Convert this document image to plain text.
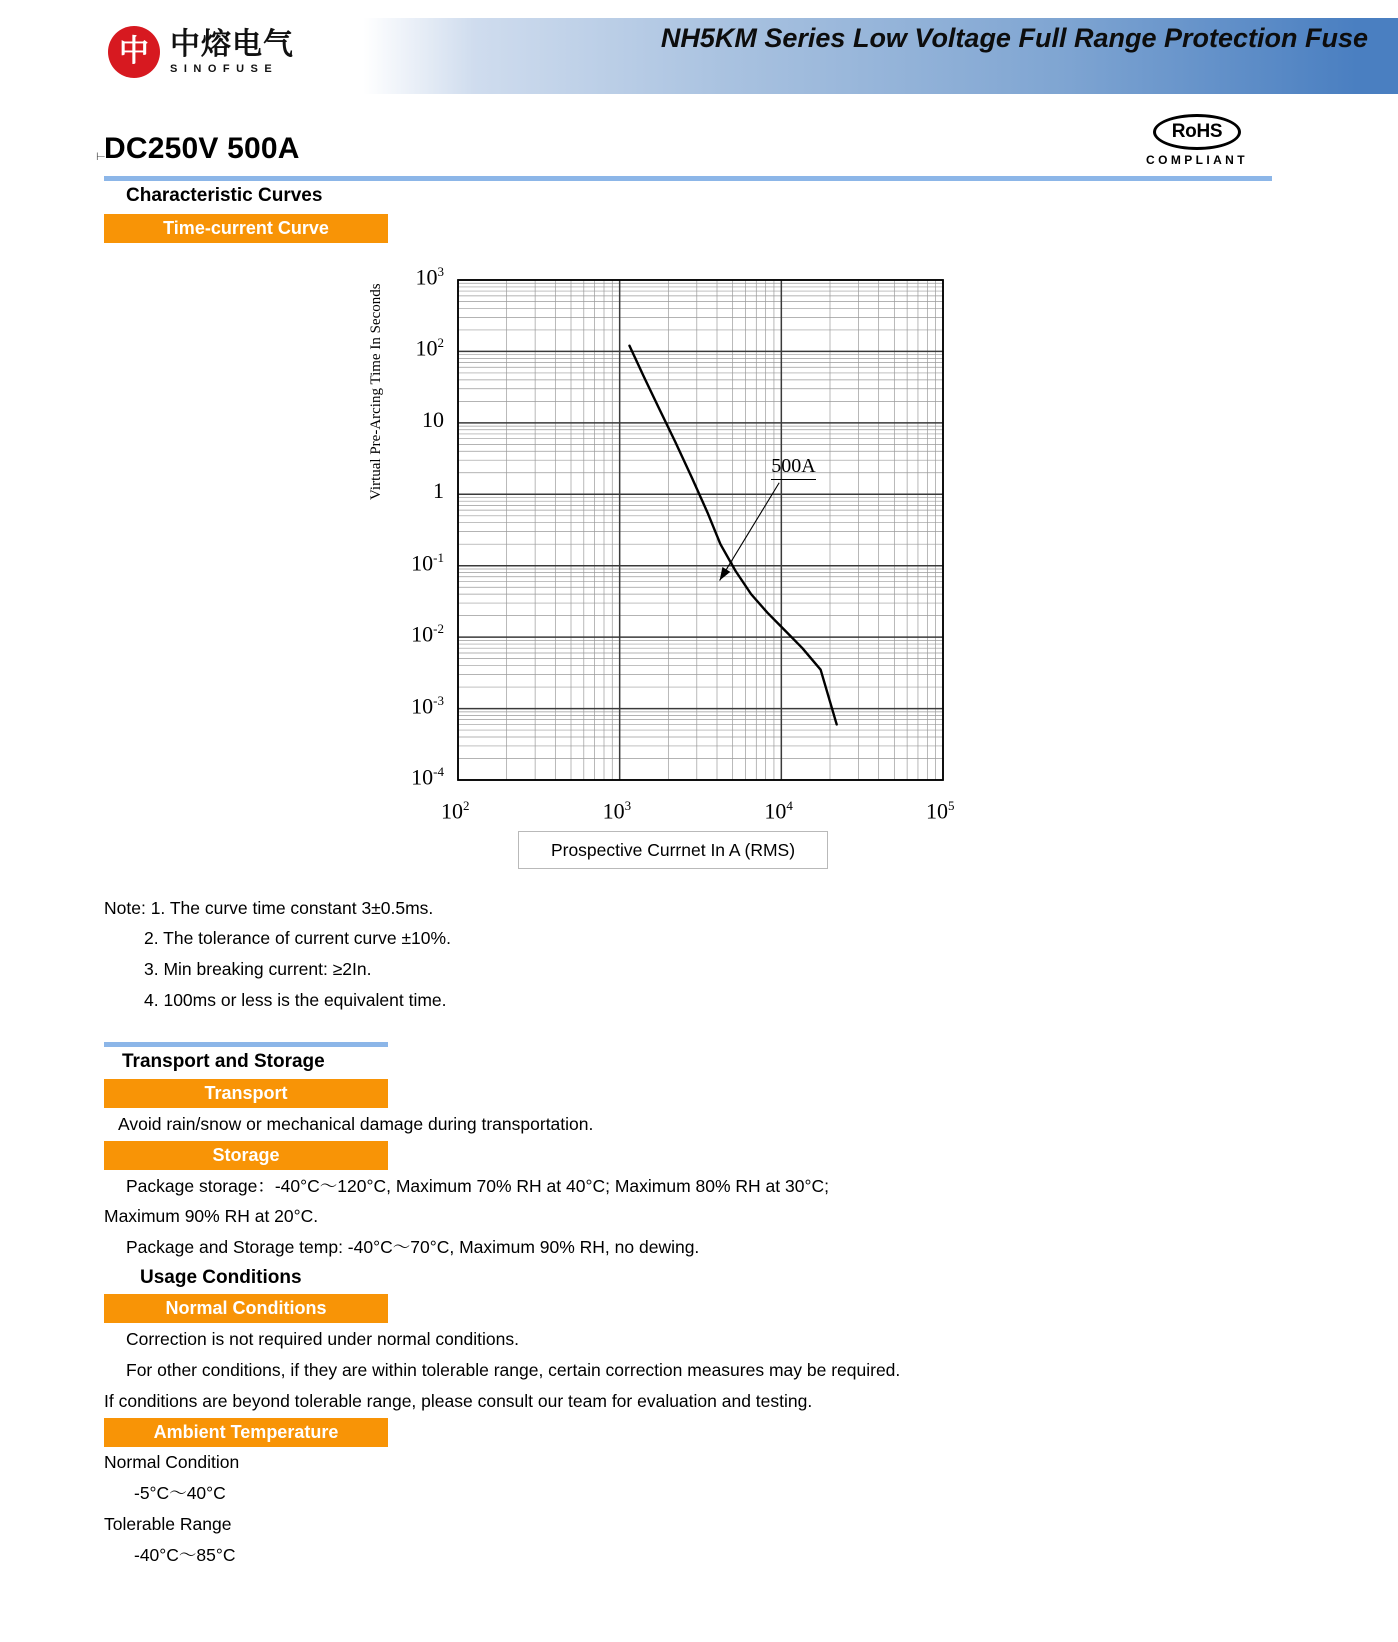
中 中熔电气
SINOFUSE
NH5KM Series Low Voltage Full Range Protection Fuse
⊢
DC250V 500A
RoHS
COMPLIANT
Characteristic Curves
Time-current Curve
Virtual Pre-Arcing Time In Seconds	500A
$10^3$
$10^2$
10
1
$10^{-1}$
$10^{-2}$
$10^{-3}$
$10^{-4}$
$10^2$	$10^3$	$10^4$	$10^5$
Prospective Currnet In A (RMS)
Note: 1. The curve time constant 3±0.5ms.
2. The tolerance of current curve ±10%.
3. Min breaking current: ≥2In.
4. 100ms or less is the equivalent time.
Transport and Storage
Transport
Avoid rain/snow or mechanical damage during transportation.
Storage
Package storage：-40°C～120°C, Maximum 70% RH at 40°C; Maximum 80% RH at 30°C;
Maximum 90% RH at 20°C.
Package and Storage temp: -40°C～70°C, Maximum 90% RH, no dewing.
Usage Conditions
Normal Conditions
Correction is not required under normal conditions.
For other conditions, if they are within tolerable range, certain correction measures may be required.
If conditions are beyond tolerable range, please consult our team for evaluation and testing.
Ambient Temperature
Normal Condition
-5°C～40°C
Tolerable Range
-40°C～85°C
